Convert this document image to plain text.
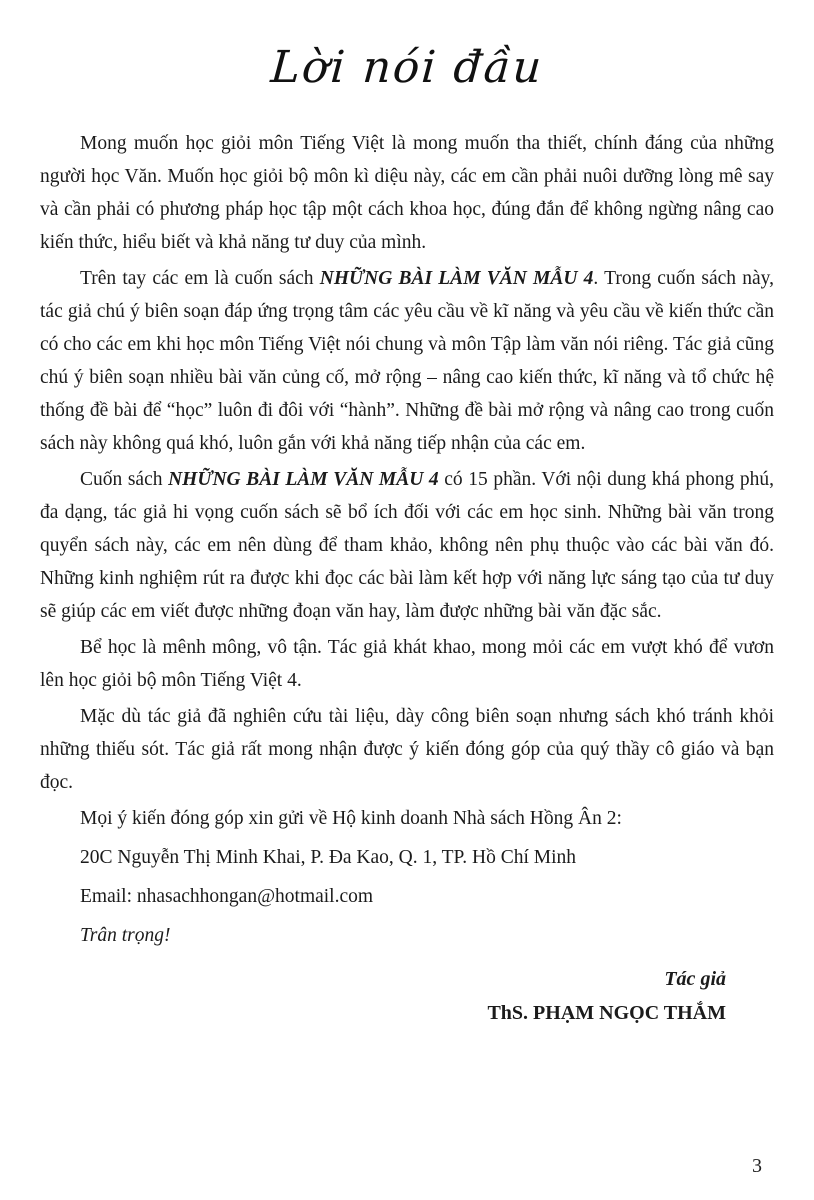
Lời nói đầu

Mong muốn học giỏi môn Tiếng Việt là mong muốn tha thiết, chính đáng của những người học Văn. Muốn học giỏi bộ môn kì diệu này, các em cần phải nuôi dưỡng lòng mê say và cần phải có phương pháp học tập một cách khoa học, đúng đắn để không ngừng nâng cao kiến thức, hiểu biết và khả năng tư duy của mình.

Trên tay các em là cuốn sách NHỮNG BÀI LÀM VĂN MẪU 4. Trong cuốn sách này, tác giả chú ý biên soạn đáp ứng trọng tâm các yêu cầu về kĩ năng và yêu cầu về kiến thức cần có cho các em khi học môn Tiếng Việt nói chung và môn Tập làm văn nói riêng. Tác giả cũng chú ý biên soạn nhiều bài văn củng cố, mở rộng – nâng cao kiến thức, kĩ năng và tổ chức hệ thống đề bài để “học” luôn đi đôi với “hành”. Những đề bài mở rộng và nâng cao trong cuốn sách này không quá khó, luôn gắn với khả năng tiếp nhận của các em.

Cuốn sách NHỮNG BÀI LÀM VĂN MẪU 4 có 15 phần. Với nội dung khá phong phú, đa dạng, tác giả hi vọng cuốn sách sẽ bổ ích đối với các em học sinh. Những bài văn trong quyển sách này, các em nên dùng để tham khảo, không nên phụ thuộc vào các bài văn đó. Những kinh nghiệm rút ra được khi đọc các bài làm kết hợp với năng lực sáng tạo của tư duy sẽ giúp các em viết được những đoạn văn hay, làm được những bài văn đặc sắc.

Bể học là mênh mông, vô tận. Tác giả khát khao, mong mỏi các em vượt khó để vươn lên học giỏi bộ môn Tiếng Việt 4.

Mặc dù tác giả đã nghiên cứu tài liệu, dày công biên soạn nhưng sách khó tránh khỏi những thiếu sót. Tác giả rất mong nhận được ý kiến đóng góp của quý thầy cô giáo và bạn đọc.

Mọi ý kiến đóng góp xin gửi về Hộ kinh doanh Nhà sách Hồng Ân 2:

20C Nguyễn Thị Minh Khai, P. Đa Kao, Q. 1, TP. Hồ Chí Minh
Email: nhasachhongan@hotmail.com
Trân trọng!
Tác giả
ThS. PHẠM NGỌC THẮM
3
